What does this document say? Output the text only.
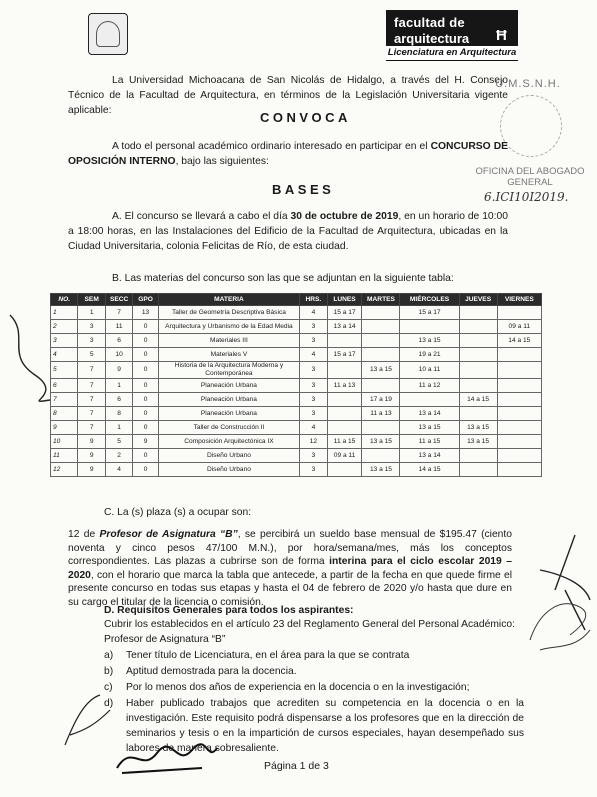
facultad de
arquitectura Ħ
Licenciatura en Arquitectura
La Universidad Michoacana de San Nicolás de Hidalgo, a través del H. Consejo Técnico de la Facultad de Arquitectura, en términos de la Legislación Universitaria vigente aplicable:
U.M.S.N.H.
OFICINA DEL ABOGADO
GENERAL
6.ICI10I2019.
CONVOCA
A todo el personal académico ordinario interesado en participar en el CONCURSO DE OPOSICIÓN INTERNO, bajo las siguientes:
BASES
A. El concurso se llevará a cabo el día 30 de octubre de 2019, en un horario de 10:00 a 18:00 horas, en las Instalaciones del Edificio de la Facultad de Arquitectura, ubicadas en la Ciudad Universitaria, colonia Felicitas de Río, de esta ciudad.
B. Las materias del concurso son las que se adjuntan en la siguiente tabla:
NO.	SEM	SECC	GPO	MATERIA	HRS.	LUNES	MARTES	MIÉRCOLES	JUEVES	VIERNES
1	1	7	13	Taller de Geometría Descriptiva Básica	4	15 a 17		15 a 17		
2	3	11	0	Arquitectura y Urbanismo de la Edad Media	3	13 a 14				09 a 11
3	3	6	0	Materiales III	3			13 a 15		14 a 15
4	5	10	0	Materiales V	4	15 a 17		19 a 21		
5	7	9	0	Historia de la Arquitectura Moderna y Contemporánea	3		13 a 15	10 a 11		
6	7	1	0	Planeación Urbana	3	11 a 13		11 a 12		
7	7	6	0	Planeación Urbana	3		17 a 19		14 a 15	
8	7	8	0	Planeación Urbana	3		11 a 13	13 a 14		
9	7	1	0	Taller de Construcción II	4			13 a 15	13 a 15	
10	9	5	9	Composición Arquitectónica IX	12	11 a 15	13 a 15	11 a 15	13 a 15	
11	9	2	0	Diseño Urbano	3	09 a 11		13 a 14		
12	9	4	0	Diseño Urbano	3		13 a 15	14 a 15		
C. La (s) plaza (s) a ocupar son:
12 de Profesor de Asignatura “B”, se percibirá un sueldo base mensual de $195.47 (ciento noventa y cinco pesos 47/100 M.N.), por hora/semana/mes, más los conceptos correspondientes. Las plazas a cubrirse son de forma interina para el ciclo escolar 2019 – 2020, con el horario que marca la tabla que antecede, a partir de la fecha en que quede firme el presente concurso en todas sus etapas y hasta el 04 de febrero de 2020 y/o hasta que dure en su cargo el titular de la licencia o comisión.
D. Requisitos Generales para todos los aspirantes:
Cubrir los establecidos en el artículo 23 del Reglamento General del Personal Académico:
Profesor de Asignatura “B”
a) Tener título de Licenciatura, en el área para la que se contrata
b) Aptitud demostrada para la docencia.
c) Por lo menos dos años de experiencia en la docencia o en la investigación;
d) Haber publicado trabajos que acrediten su competencia en la docencia o en la investigación. Este requisito podrá dispensarse a los profesores que en la dirección de seminarios y tesis o en la impartición de cursos especiales, hayan desempeñado sus labores de manera sobresaliente.
Página 1 de 3
